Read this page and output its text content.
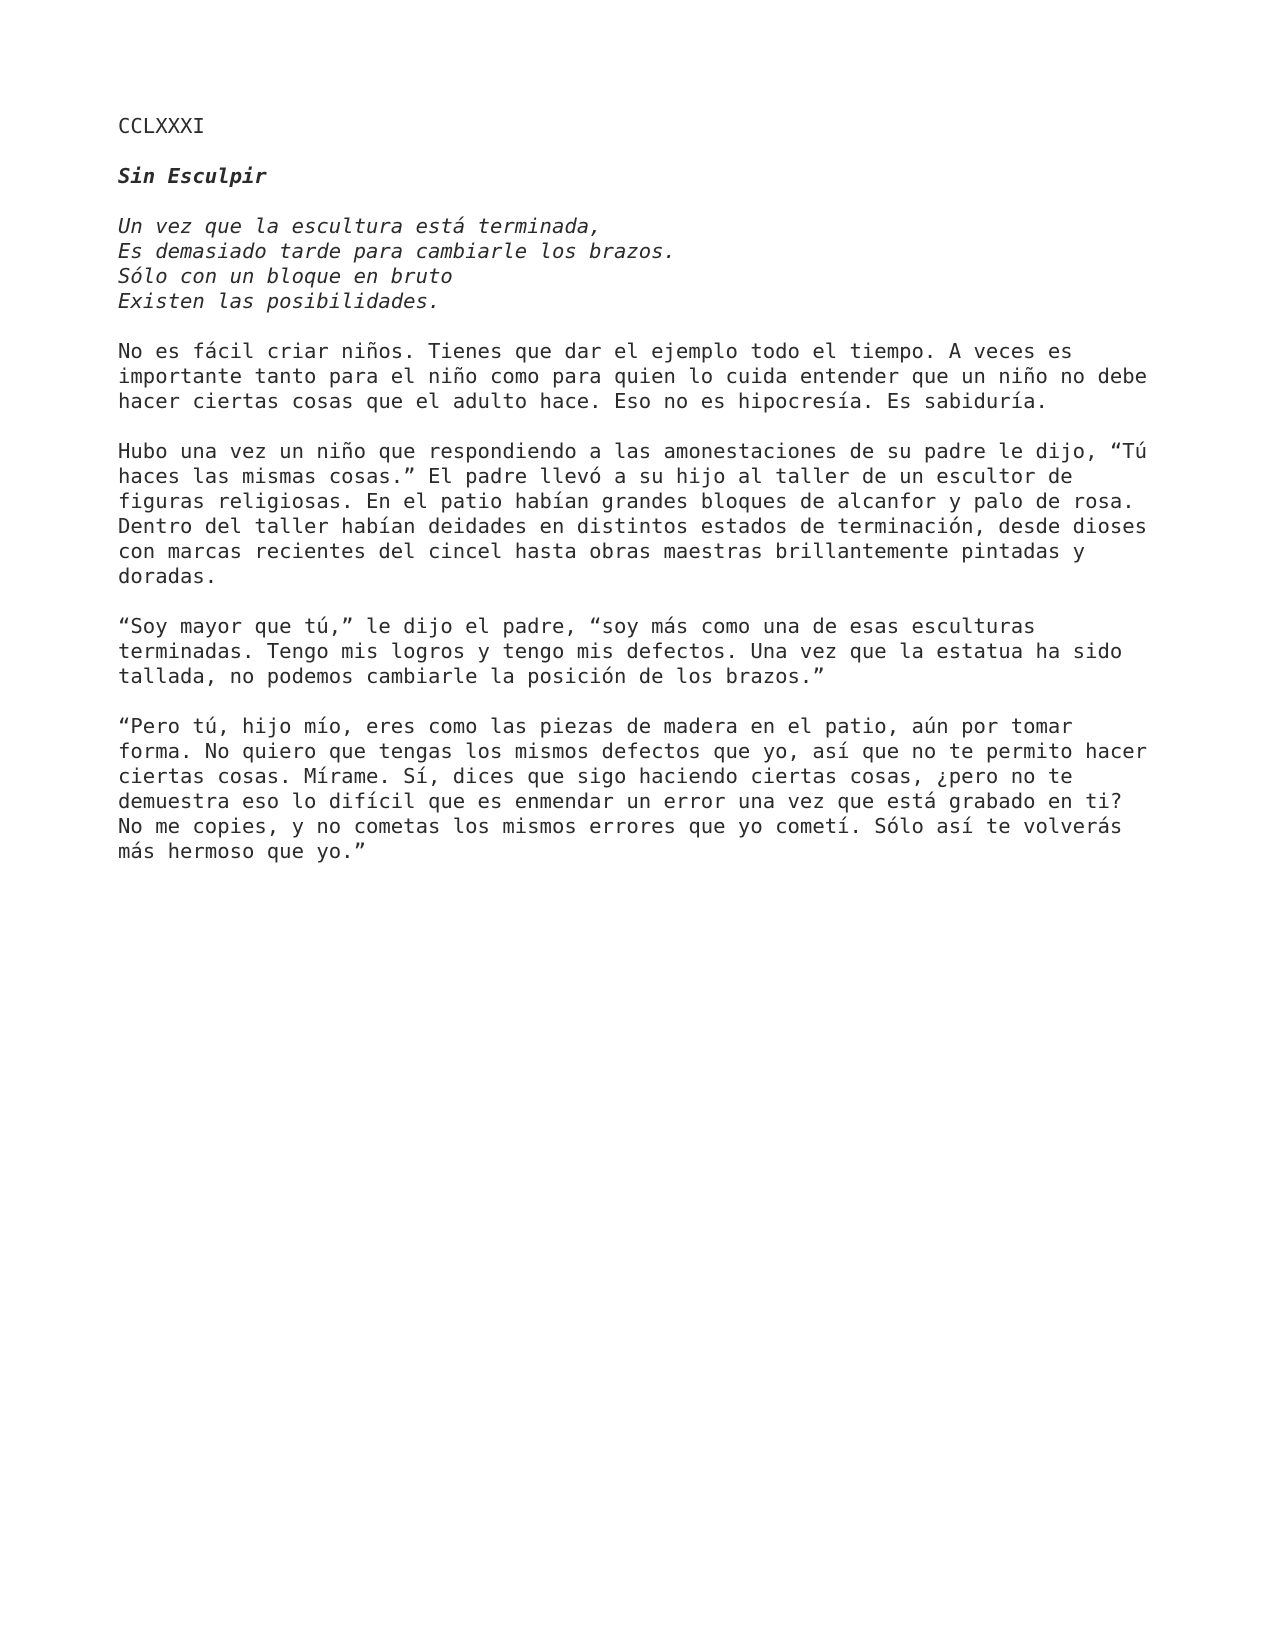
CCLXXXI
Sin Esculpir
Un vez que la escultura está terminada,
Es demasiado tarde para cambiarle los brazos.
Sólo con un bloque en bruto
Existen las posibilidades.
No es fácil criar niños. Tienes que dar el ejemplo todo el tiempo. A veces es
importante tanto para el niño como para quien lo cuida entender que un niño no debe
hacer ciertas cosas que el adulto hace. Eso no es hipocresía. Es sabiduría.
Hubo una vez un niño que respondiendo a las amonestaciones de su padre le dijo, “Tú
haces las mismas cosas.” El padre llevó a su hijo al taller de un escultor de
figuras religiosas. En el patio habían grandes bloques de alcanfor y palo de rosa.
Dentro del taller habían deidades en distintos estados de terminación, desde dioses
con marcas recientes del cincel hasta obras maestras brillantemente pintadas y
doradas.
“Soy mayor que tú,” le dijo el padre, “soy más como una de esas esculturas
terminadas. Tengo mis logros y tengo mis defectos. Una vez que la estatua ha sido
tallada, no podemos cambiarle la posición de los brazos.”
“Pero tú, hijo mío, eres como las piezas de madera en el patio, aún por tomar
forma. No quiero que tengas los mismos defectos que yo, así que no te permito hacer
ciertas cosas. Mírame. Sí, dices que sigo haciendo ciertas cosas, ¿pero no te
demuestra eso lo difícil que es enmendar un error una vez que está grabado en ti?
No me copies, y no cometas los mismos errores que yo cometí. Sólo así te volverás
más hermoso que yo.”
